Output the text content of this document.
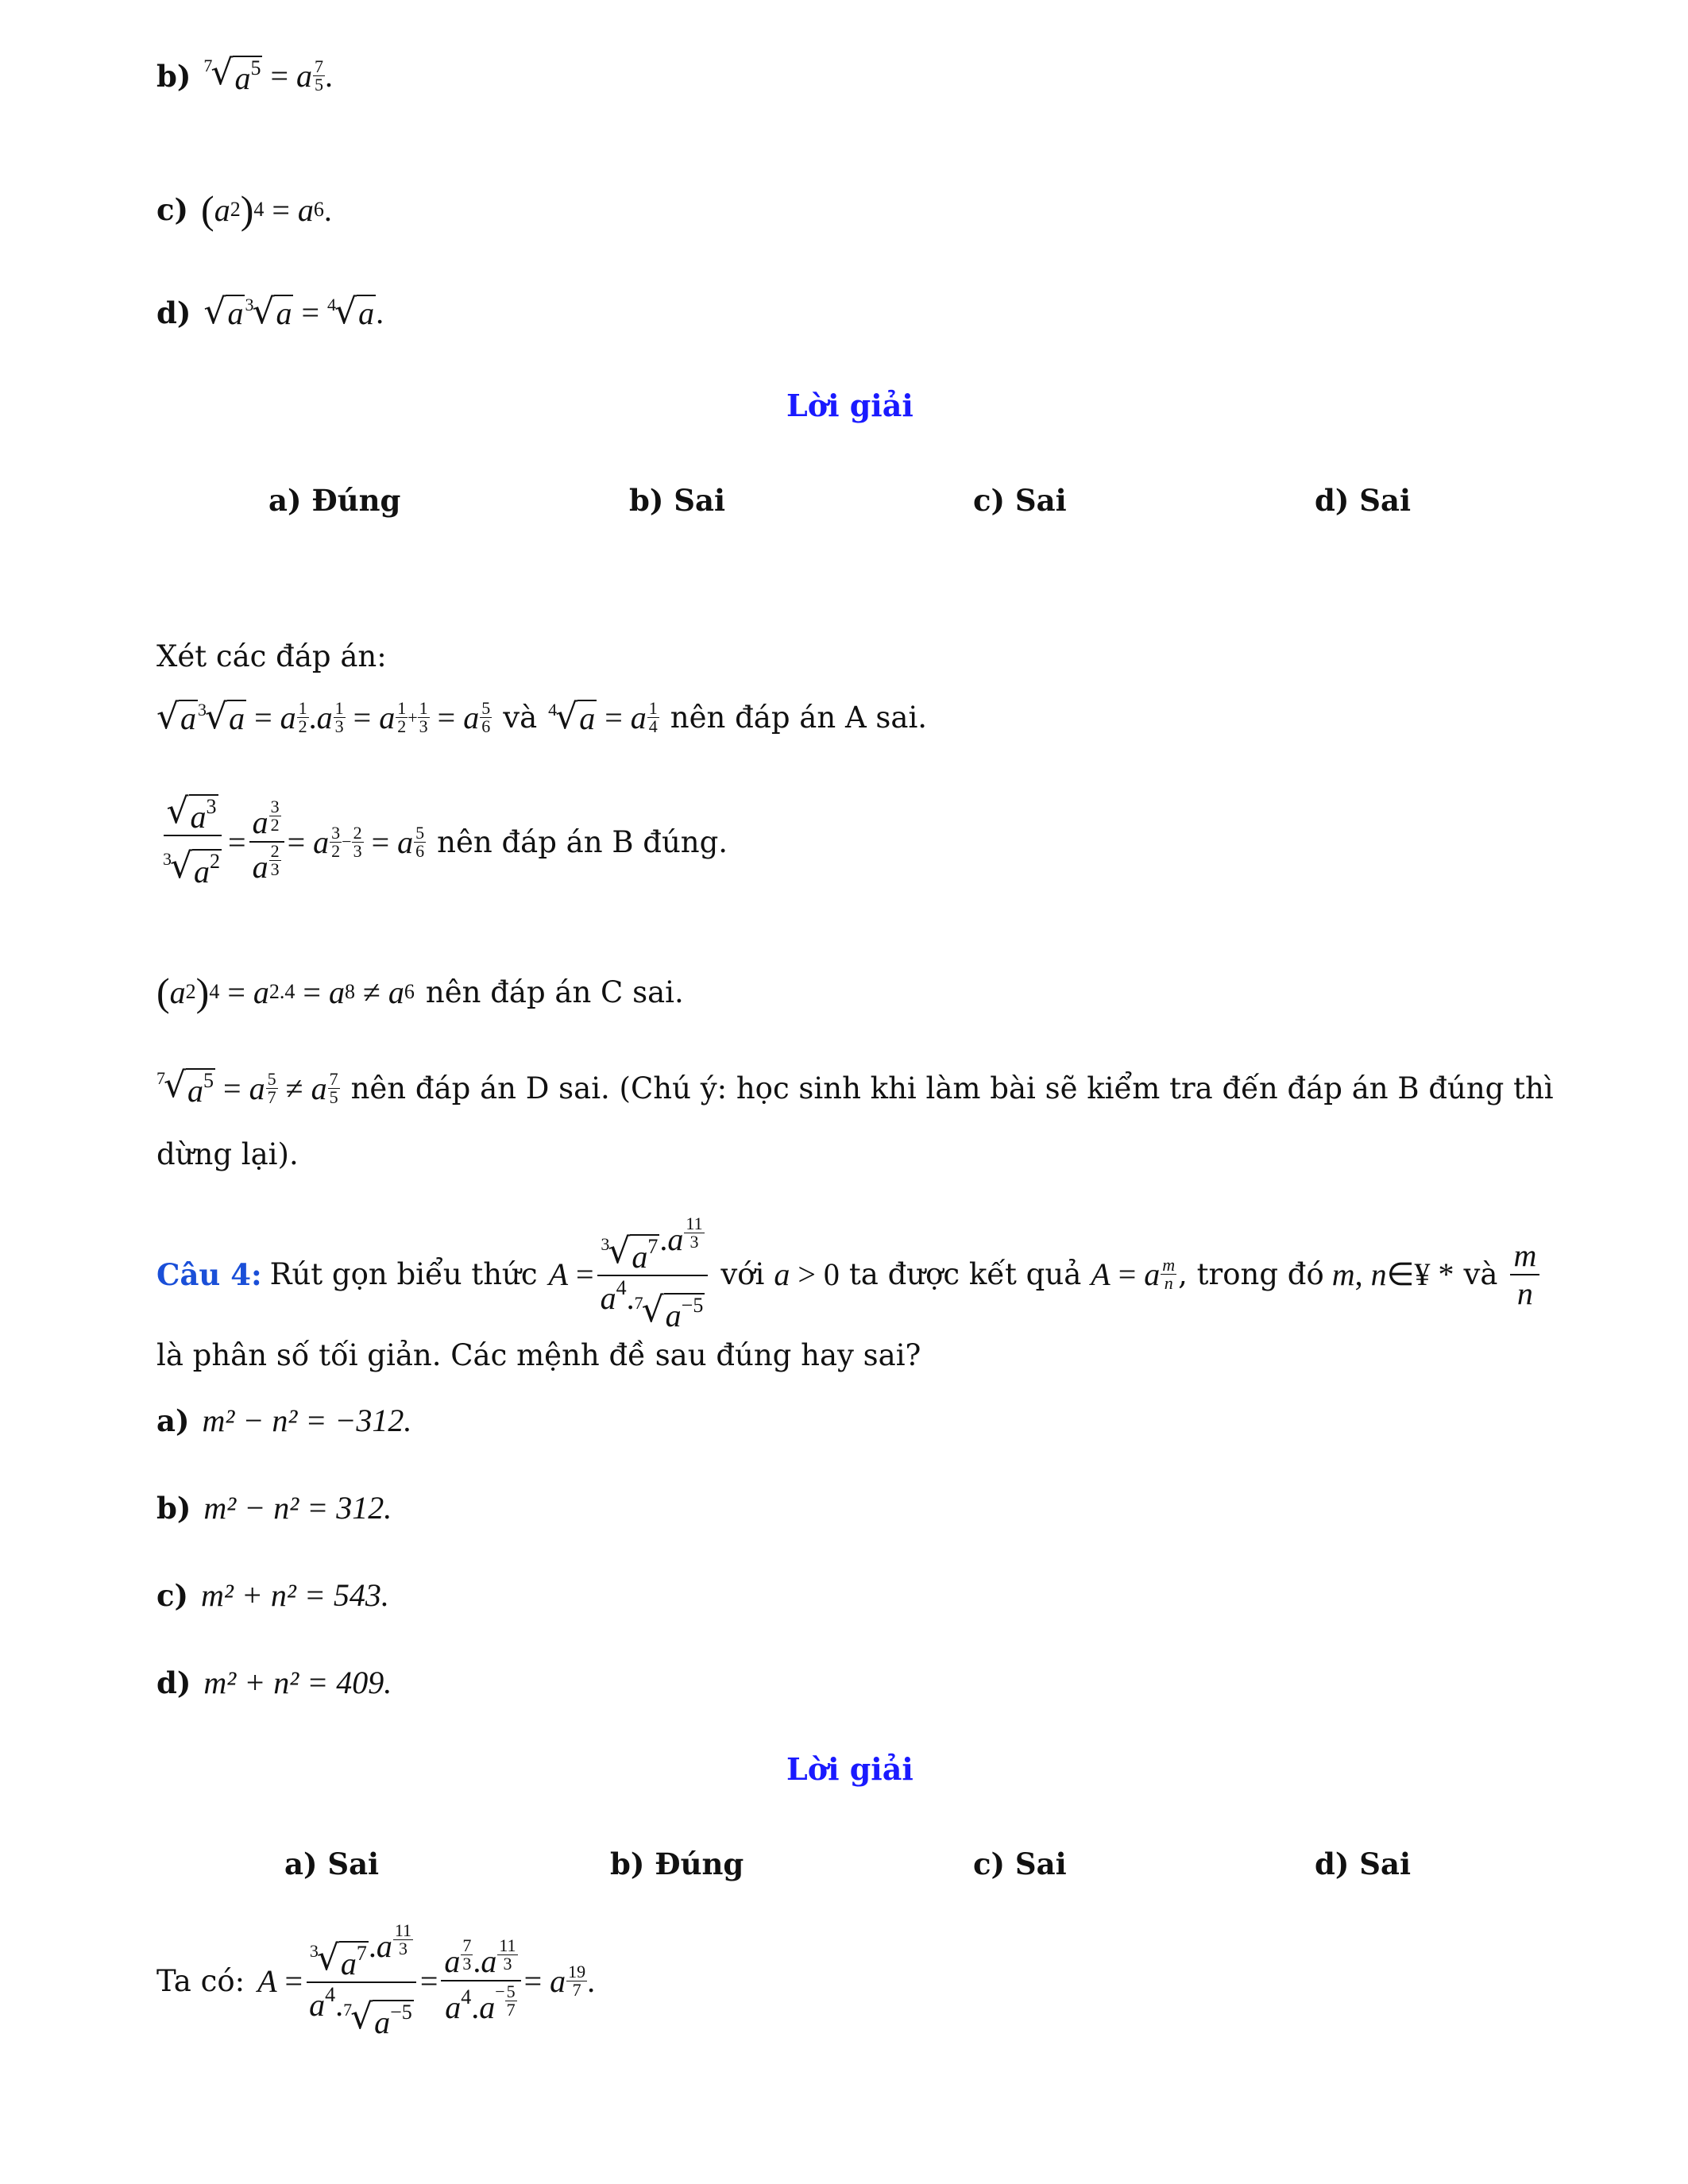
b) 7
√ $a^5 = a \frac{7}{5}$ .
c) ( a 2 ) 4 = a 6 .
d) √ a 3
√ a = 4
√ a .
Lời giải
a) Đúng	b) Sai	c) Sai	d) Sai
Xét các đáp án:
√ a 3
√ a = a $\frac{1}{2}$ . a $\frac{1}{3} = a \frac{1}{2} + \frac{1}{3} = a \frac{5}{6}$ và 4
√ a = a $\frac{1}{4}$ nên đáp án A sai.
√ $a^3$
3
√ $a^2 = \frac{a \frac{3}{2}}{a \frac{2}{3}} = a \frac{3}{2} - \frac{2}{3} = a \frac{5}{6}$ nên đáp án B đúng.
( a 2 ) 4 = a 2.4 = a 8 ≠ a 6 nên đáp án C sai.
7
√ $a^5 = a \frac{5}{7} \ne a$ 7
5 nên đáp án D sai. (Chú ý: học sinh khi làm bài sẽ kiểm tra đến đáp án B đúng thì
dừng lại).
Câu 4: Rút gọn biểu thức A = 3
√ $a^7$ $.a \frac{11}{3}$
$a^4$. 7
√ $a^{-5}$ với a > 0 ta được kết quả A = a $\frac{m}{n}$ , trong đó m , n ∈¥ * và $\frac{m}{n}$
là phân số tối giản. Các mệnh đề sau đúng hay sai?
a) m² − n² = −312.
b) m² − n² = 312.
c) m² + n² = 543.
d) m² + n² = 409.
Lời giải
a) Sai	b) Đúng	c) Sai	d) Sai
Ta có: A = 3
√ $a^7$ $.a \frac{11}{3}$
$a^4$. 7
√ $a^{-5} = \frac{a \frac{7}{3} .a \frac{11}{3}}{a^4.a^- \frac{5}{7}} = a \frac{19}{7}$ .
